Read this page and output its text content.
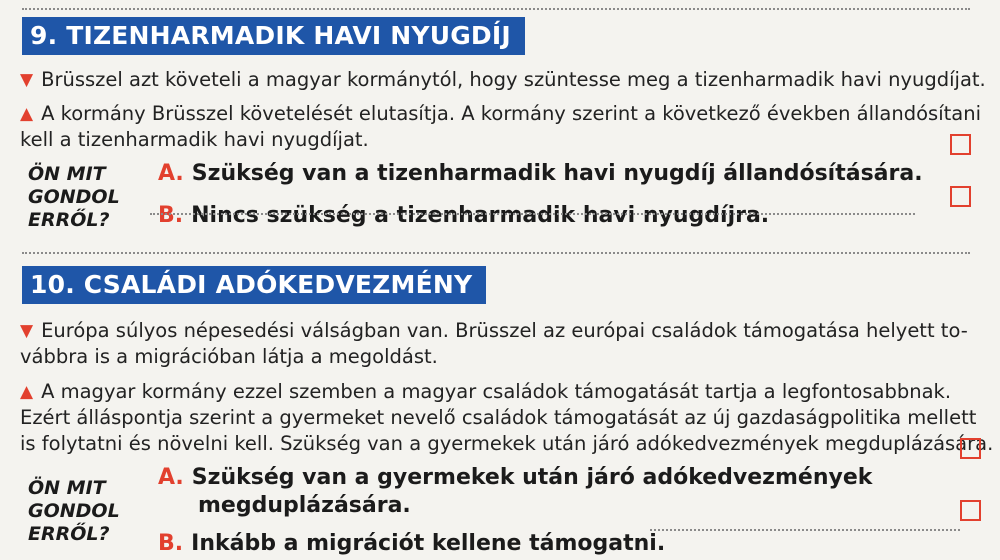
9. TIZENHARMADIK HAVI NYUGDÍJ
▼ Brüsszel azt követeli a magyar kormánytól, hogy szüntesse meg a tizenharmadik havi nyugdíjat.
▲ A kormány Brüsszel követelését elutasítja. A kormány szerint a következő években állandósítani
kell a tizenharmadik havi nyugdíjat.
ÖN MIT
GONDOL
ERRŐL?
A. Szükség van a tizenharmadik havi nyugdíj állandósítására.
B. Nincs szükség a tizenharmadik havi nyugdíjra.
10. CSALÁDI ADÓKEDVEZMÉNY
▼ Európa súlyos népesedési válságban van. Brüsszel az európai családok támogatása helyett to-
vábbra is a migrációban látja a megoldást.
▲ A magyar kormány ezzel szemben a magyar családok támogatását tartja a legfontosabbnak.
Ezért álláspontja szerint a gyermeket nevelő családok támogatását az új gazdaságpolitika mellett
is folytatni és növelni kell. Szükség van a gyermekek után járó adókedvezmények megduplázására.
ÖN MIT
GONDOL
ERRŐL?
A. Szükség van a gyermekek után járó adókedvezmények
megduplázására.
B. Inkább a migrációt kellene támogatni.
